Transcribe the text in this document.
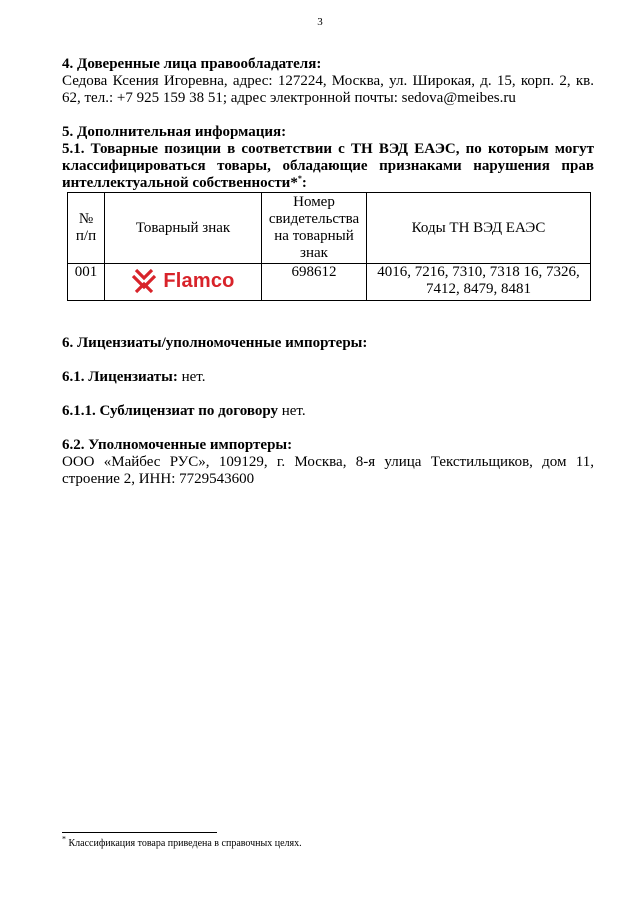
3

4. Доверенные лица правообладателя:

Седова Ксения Игоревна, адрес: 127224, Москва, ул. Широкая, д. 15, корп. 2, кв. 62, тел.: +7 925 159 38 51; адрес электронной почты: sedova@meibes.ru

5. Дополнительная информация:

5.1. Товарные позиции в соответствии с ТН ВЭД ЕАЭС, по которым могут классифицироваться товары, обладающие признаками нарушения прав интеллектуальной собственности**:

№ п/п	Товарный знак	Номер свидетельства на товарный знак	Коды ТН ВЭД ЕАЭС
001	Flamco	698612	4016, 7216, 7310, 7318 16, 7326, 7412, 8479, 8481

6. Лицензиаты/уполномоченные импортеры:

6.1. Лицензиаты: нет.

6.1.1. Сублицензиат по договору нет.

6.2. Уполномоченные импортеры:

ООО «Майбес РУС», 109129, г. Москва, 8-я улица Текстильщиков, дом 11, строение 2, ИНН: 7729543600

* Классификация товара приведена в справочных целях.
